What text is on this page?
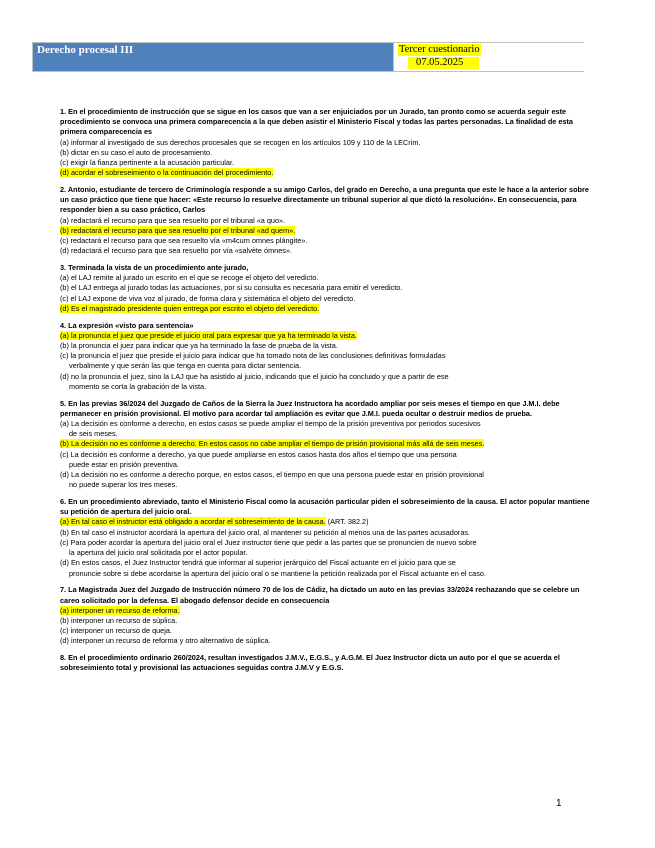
Derecho procesal III	Tercer cuestionario
07.05.2025
1. En el procedimiento de instrucción que se sigue en los casos que van a ser enjuiciados por un Jurado, tan pronto como se acuerda seguir este procedimiento se convoca una primera comparecencia a la que deben asistir el Ministerio Fiscal y todas las partes personadas. La finalidad de esta primera comparecencia es
(a) informar al investigado de sus derechos procesales que se recogen en los artículos 109 y 110 de la LECrim.
(b) dictar en su caso el auto de procesamiento.
(c) exigir la fianza pertinente a la acusación particular.
(d) acordar el sobreseimiento o la continuación del procedimiento.
2. Antonio, estudiante de tercero de Criminología responde a su amigo Carlos, del grado en Derecho, a una pregunta que este le hace a la anterior sobre un caso práctico que tiene que hacer: «Este recurso lo resuelve directamente un tribunal superior al que dictó la resolución». En consecuencia, para responder bien a su caso práctico, Carlos
(a) redactará el recurso para que sea resuelto por el tribunal «a quo».
(b) redactará el recurso para que sea resuelto por el tribunal «ad quem».
(c) redactará el recurso para que sea resuelto vía «m4cum omnes plángite».
(d) redactará el recurso para que sea resuelto por vía «salvète ómnes».
3. Terminada la vista de un procedimiento ante jurado,
(a) el LAJ remite al jurado un escrito en el que se recoge el objeto del veredicto.
(b) el LAJ entrega al jurado todas las actuaciones, por si su consulta es necesaria para emitir el veredicto.
(c) el LAJ expone de viva voz al jurado, de forma clara y sistemática el objeto del veredicto.
(d) Es el magistrado presidente quien entrega por escrito el objeto del veredicto.
4. La expresión «visto para sentencia»
(a) la pronuncia el juez que preside el juicio oral para expresar que ya ha terminado la vista.
(b) la pronuncia el juez para indicar que ya ha terminado la fase de prueba de la vista.
(c) la pronuncia el juez que preside el juicio para indicar que ha tomado nota de las conclusiones definitivas formuladas
verbalmente y que serán las que tenga en cuenta para dictar sentencia.
(d) no la pronuncia el juez, sino la LAJ que ha asistido al juicio, indicando que el juicio ha concluido y que a partir de ese
momento se corta la grabación de la vista.
5. En las previas 36/2024 del Juzgado de Caños de la Sierra la Juez Instructora ha acordado ampliar por seis meses el tiempo en que J.M.I. debe permanecer en prisión provisional. El motivo para acordar tal ampliación es evitar que J.M.I. pueda ocultar o destruir medios de prueba.
(a) La decisión es conforme a derecho, en estos casos se puede ampliar el tiempo de la prisión preventiva por periodos sucesivos
de seis meses.
(b) La decisión no es conforme a derecho. En estos casos no cabe ampliar el tiempo de prisión provisional más allá de seis meses.
(c) La decisión es conforme a derecho, ya que puede ampliarse en estos casos hasta dos años el tiempo que una persona
puede estar en prisión preventiva.
(d) La decisión no es conforme a derecho porque, en estos casos, el tiempo en que una persona puede estar en prisión provisional
no puede superar los tres meses.
6. En un procedimiento abreviado, tanto el Ministerio Fiscal como la acusación particular piden el sobreseimiento de la causa. El actor popular mantiene su petición de apertura del juicio oral.
(a) En tal caso el instructor está obligado a acordar el sobreseimiento de la causa. (ART. 382.2)
(b) En tal caso el instructor acordará la apertura del juicio oral, al mantener su petición al menos una de las partes acusadoras.
(c) Para poder acordar la apertura del juicio oral el Juez instructor tiene que pedir a las partes que se pronuncien de nuevo sobre
la apertura del juicio oral solicitada por el actor popular.
(d) En estos casos, el Juez Instructor tendrá que informar al superior jerárquico del Fiscal actuante en el juicio para que se
pronuncie sobre si debe acordarse la apertura del juicio oral o se mantiene la petición realizada por el Fiscal actuante en el caso.
7. La Magistrada Juez del Juzgado de Instrucción número 70 de los de Cádiz, ha dictado un auto en las previas 33/2024 rechazando que se celebre un careo solicitado por la defensa. El abogado defensor decide en consecuencia
(a) interponer un recurso de reforma.
(b) interponer un recurso de súplica.
(c) interponer un recurso de queja.
(d) interponer un recurso de reforma y otro alternativo de súplica.
8. En el procedimiento ordinario 260/2024, resultan investigados J.M.V., E.G.S., y A.G.M. El Juez Instructor dicta un auto por el que se acuerda el sobreseimiento total y provisional las actuaciones seguidas contra J.M.V y E.G.S.
1
